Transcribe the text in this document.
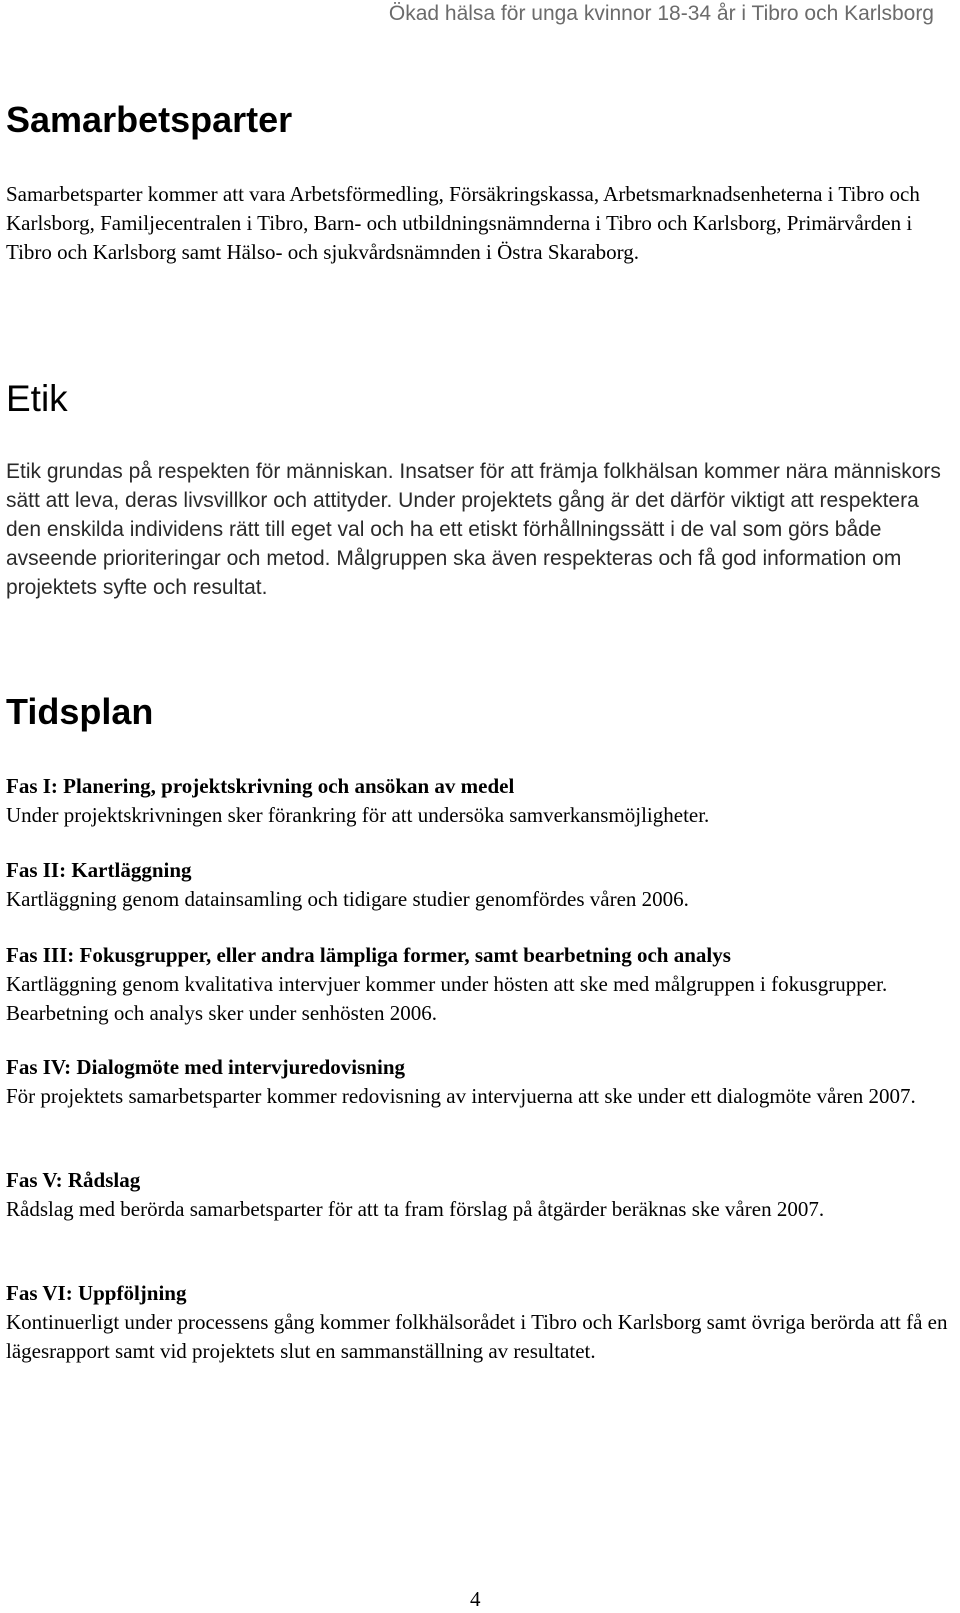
Ökad hälsa för unga kvinnor 18-34 år i Tibro och Karlsborg
Samarbetsparter

Samarbetsparter kommer att vara Arbetsförmedling, Försäkringskassa, Arbetsmarknadsenheterna i Tibro och Karlsborg, Familjecentralen i Tibro, Barn- och utbildningsnämnderna i Tibro och Karlsborg, Primärvården i Tibro och Karlsborg samt Hälso- och sjukvårdsnämnden i Östra Skaraborg.

Etik

Etik grundas på respekten för människan. Insatser för att främja folkhälsan kommer nära människors sätt att leva, deras livsvillkor och attityder. Under projektets gång är det därför viktigt att respektera den enskilda individens rätt till eget val och ha ett etiskt förhållningssätt i de val som görs både avseende prioriteringar och metod. Målgruppen ska även respekteras och få god information om projektets syfte och resultat.

Tidsplan

Fas I: Planering, projektskrivning och ansökan av medel

Under projektskrivningen sker förankring för att undersöka samverkansmöjligheter.

Fas II: Kartläggning

Kartläggning genom datainsamling och tidigare studier genomfördes våren 2006.

Fas III: Fokusgrupper, eller andra lämpliga former, samt bearbetning och analys

Kartläggning genom kvalitativa intervjuer kommer under hösten att ske med målgruppen i fokusgrupper. Bearbetning och analys sker under senhösten 2006.

Fas IV: Dialogmöte med intervjuredovisning

För projektets samarbetsparter kommer redovisning av intervjuerna att ske under ett dialogmöte våren 2007.

Fas V: Rådslag

Rådslag med berörda samarbetsparter för att ta fram förslag på åtgärder beräknas ske våren 2007.

Fas VI: Uppföljning

Kontinuerligt under processens gång kommer folkhälsorådet i Tibro och Karlsborg samt övriga berörda att få en lägesrapport samt vid projektets slut en sammanställning av resultatet.

4
